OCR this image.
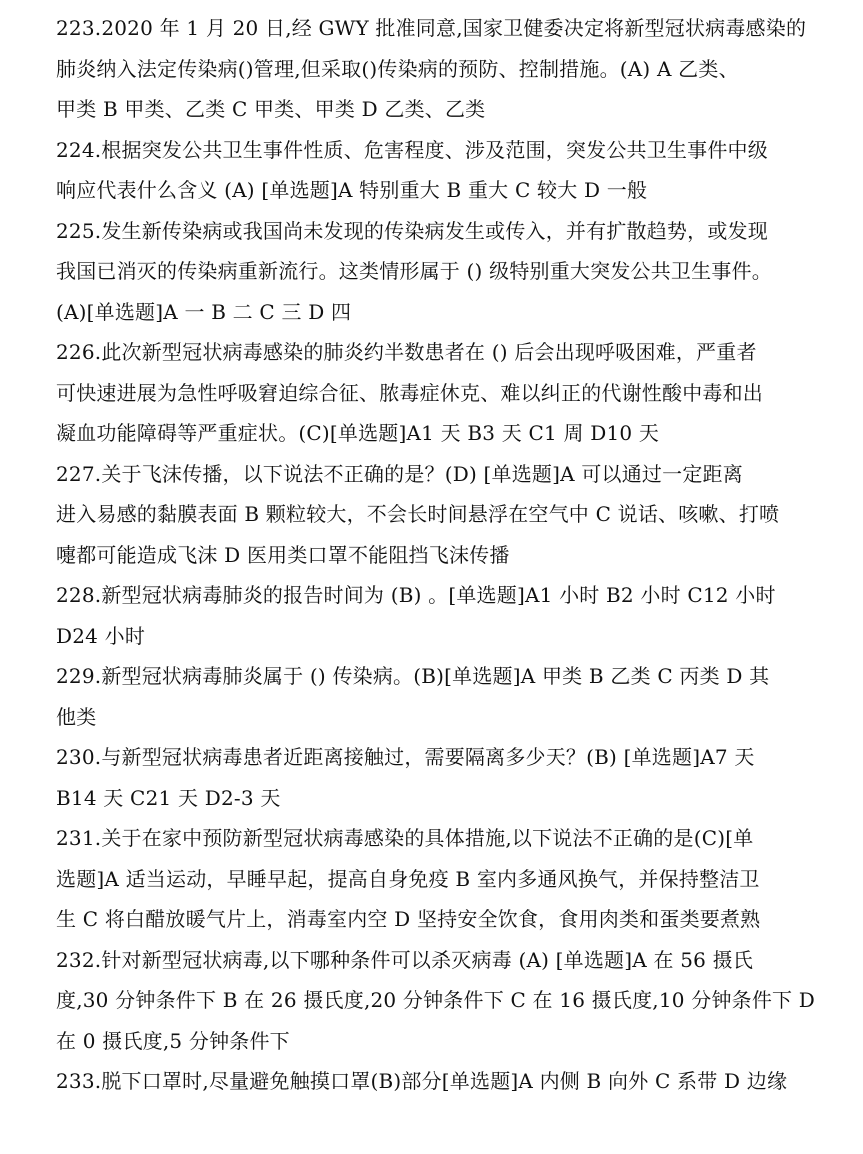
223.2020 年 1 月 20 日,经 GWY 批准同意,国家卫健委决定将新型冠状病毒感染的
肺炎纳入法定传染病()管理,但采取()传染病的预防、控制措施。(A) A 乙类、
甲类 B 甲类、乙类 C 甲类、甲类 D 乙类、乙类
224.根据突发公共卫生事件性质、危害程度、涉及范围，突发公共卫生事件中级
响应代表什么含义 (A) [单选题]A 特别重大 B 重大 C 较大 D 一般
225.发生新传染病或我国尚未发现的传染病发生或传入，并有扩散趋势，或发现
我国已消灭的传染病重新流行。这类情形属于 () 级特别重大突发公共卫生事件。
(A)[单选题]A 一 B 二 C 三 D 四
226.此次新型冠状病毒感染的肺炎约半数患者在 () 后会出现呼吸困难，严重者
可快速进展为急性呼吸窘迫综合征、脓毒症休克、难以纠正的代谢性酸中毒和出
凝血功能障碍等严重症状。(C)[单选题]A1 天 B3 天 C1 周 D10 天
227.关于飞沫传播，以下说法不正确的是？(D) [单选题]A 可以通过一定距离
进入易感的黏膜表面 B 颗粒较大，不会长时间悬浮在空气中 C 说话、咳嗽、打喷
嚏都可能造成飞沫 D 医用类口罩不能阻挡飞沫传播
228.新型冠状病毒肺炎的报告时间为 (B) 。[单选题]A1 小时 B2 小时 C12 小时
D24 小时
229.新型冠状病毒肺炎属于 () 传染病。(B)[单选题]A 甲类 B 乙类 C 丙类 D 其
他类
230.与新型冠状病毒患者近距离接触过，需要隔离多少天？(B) [单选题]A7 天
B14 天 C21 天 D2-3 天
231.关于在家中预防新型冠状病毒感染的具体措施,以下说法不正确的是(C)[单
选题]A 适当运动，早睡早起，提高自身免疫 B 室内多通风换气，并保持整洁卫
生 C 将白醋放暖气片上，消毒室内空 D 坚持安全饮食，食用肉类和蛋类要煮熟
232.针对新型冠状病毒,以下哪种条件可以杀灭病毒 (A) [单选题]A 在 56 摄氏
度,30 分钟条件下 B 在 26 摄氏度,20 分钟条件下 C 在 16 摄氏度,10 分钟条件下 D
在 0 摄氏度,5 分钟条件下
233.脱下口罩时,尽量避免触摸口罩(B)部分[单选题]A 内侧 B 向外 C 系带 D 边缘
